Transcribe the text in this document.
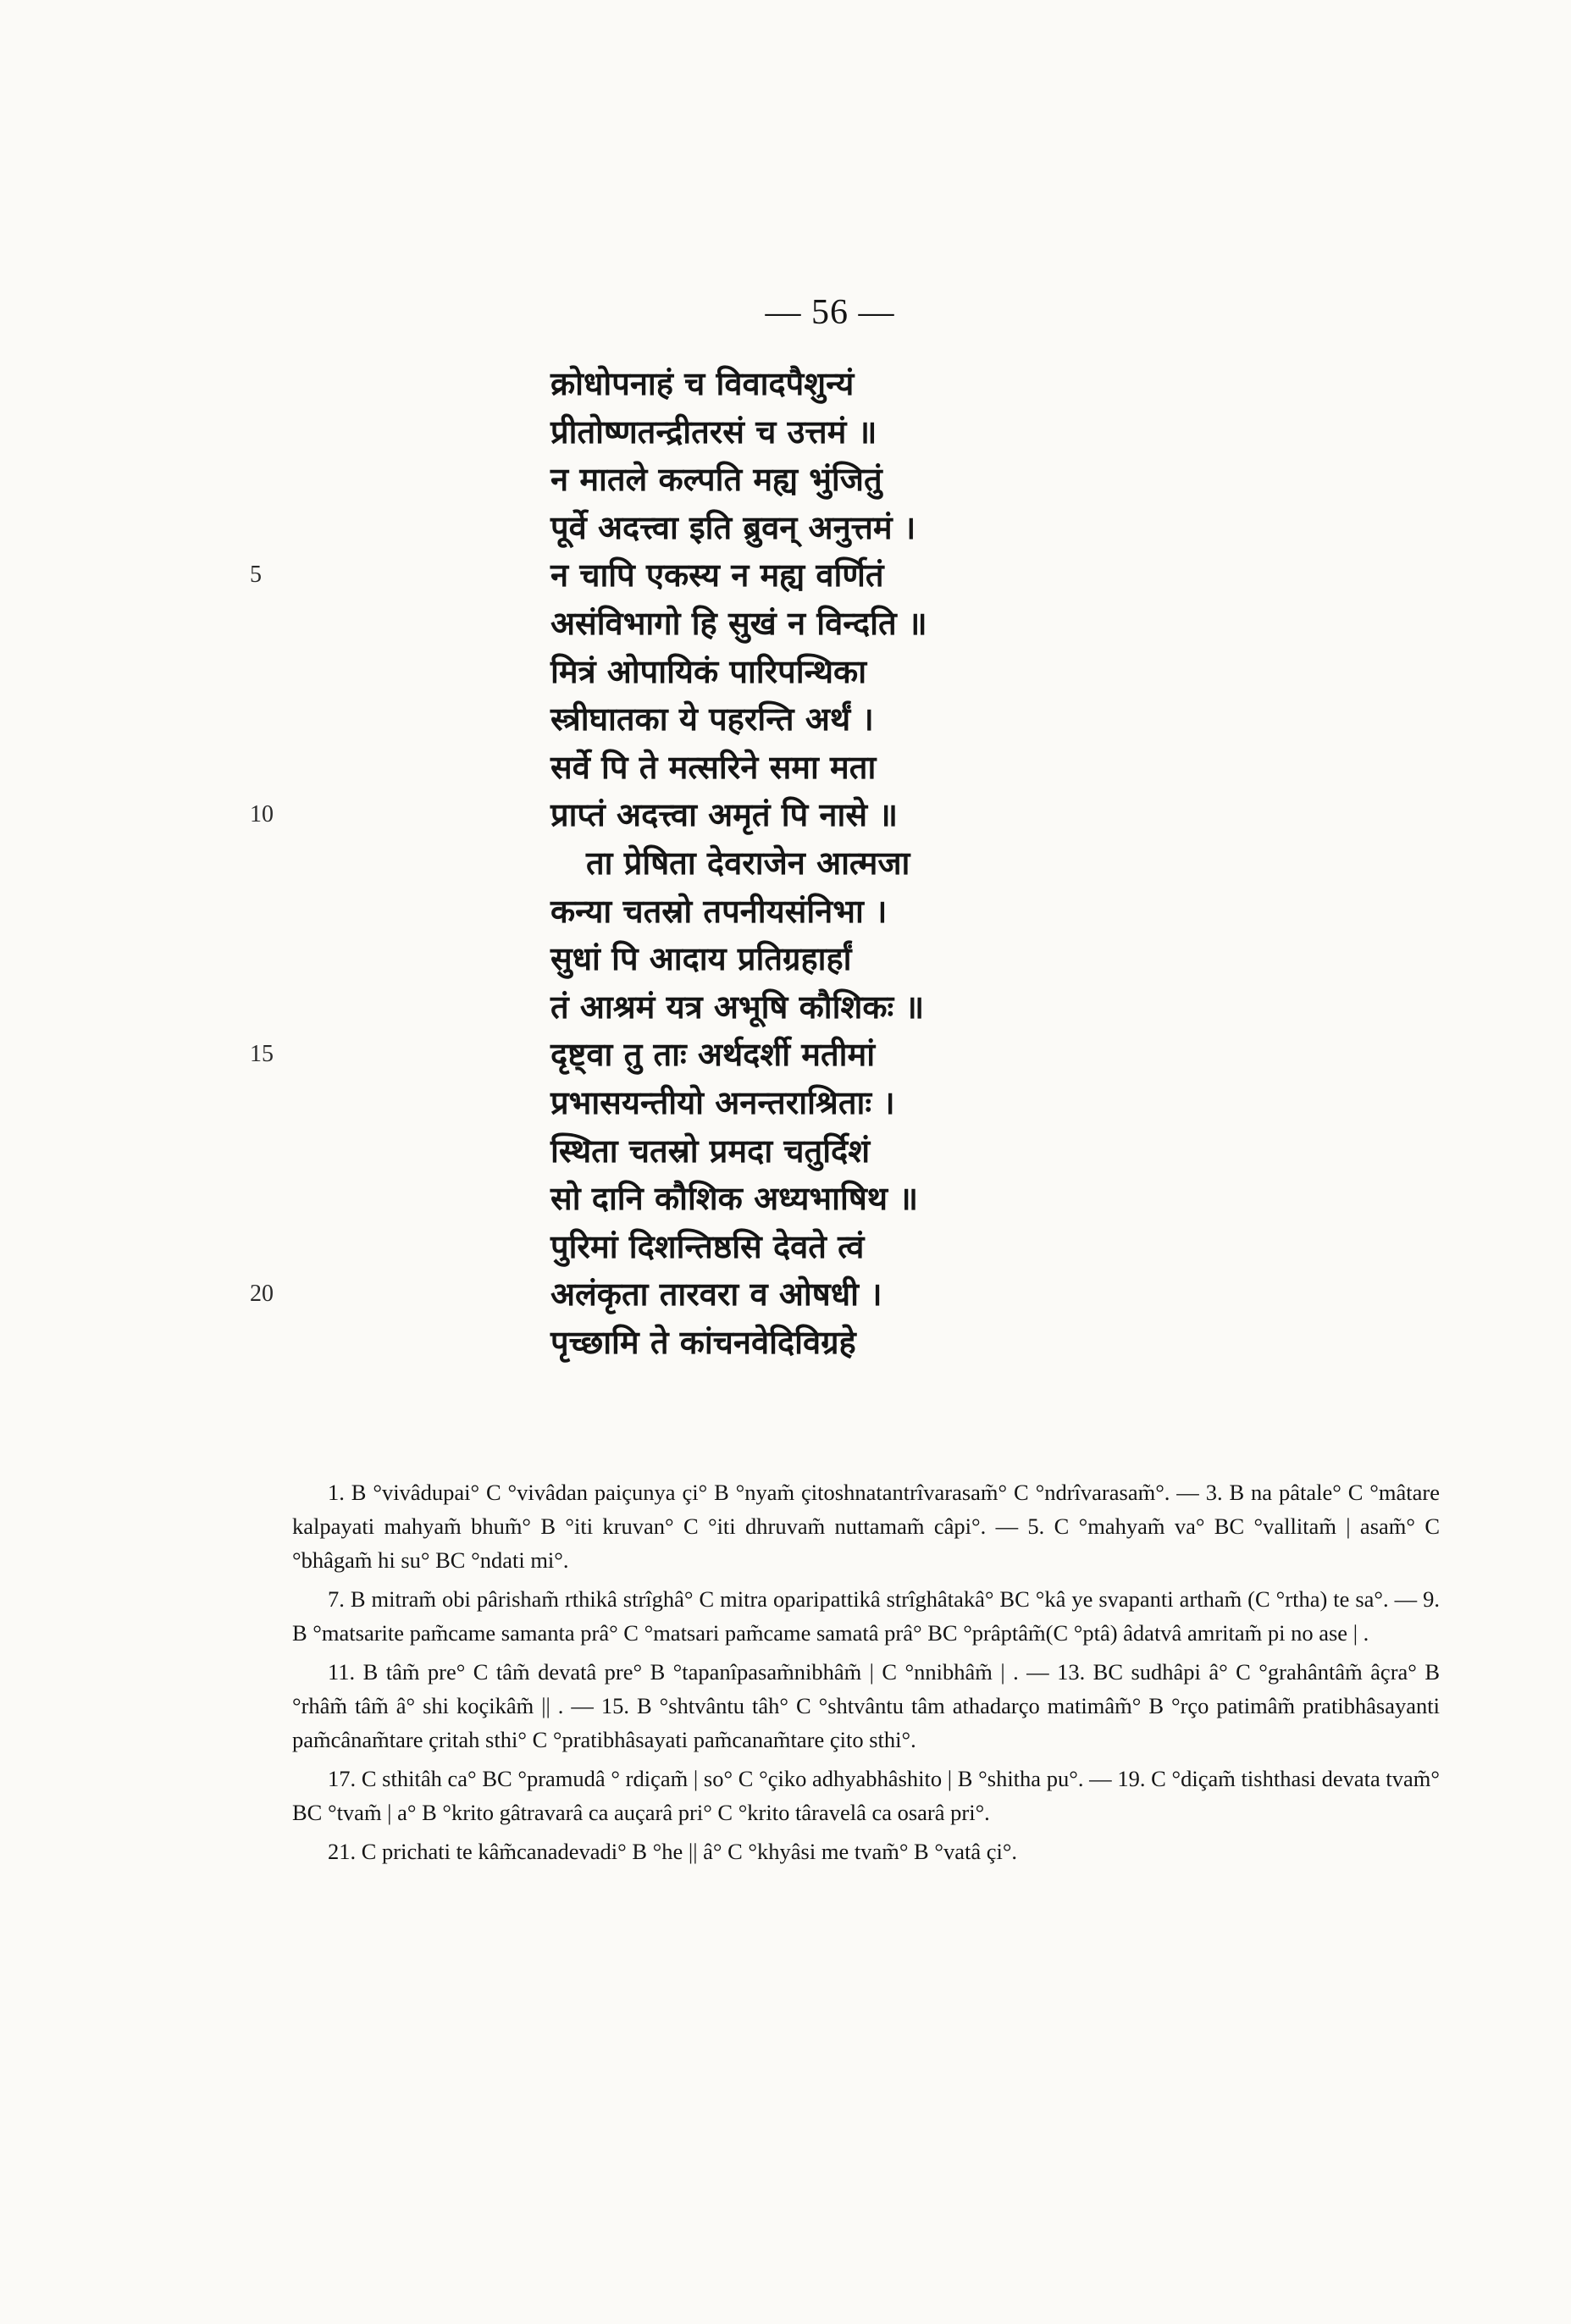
— 56 —
क्रोधोपनाहं च विवादपैशुन्यं
प्रीतोष्णतन्द्रीतरसं च उत्तमं ॥
न मातले कल्पति मह्य भुंजितुं
पूर्वे अदत्त्वा इति ब्रुवन् अनुत्तमं ।
न चापि एकस्य न मह्य वर्णितं
असंविभागो हि सुखं न विन्दति ॥
मित्रं ओपायिकं पारिपन्थिका
स्त्रीघातका ये पहरन्ति अर्थं ।
सर्वे पि ते मत्सरिने समा मता
प्राप्तं अदत्त्वा अमृतं पि नासे ॥
ता प्रेषिता देवराजेन आत्मजा
कन्या चतस्रो तपनीयसंनिभा ।
सुधां पि आदाय प्रतिग्रहार्हां
तं आश्रमं यत्र अभूषि कौशिकः ॥
दृष्ट्वा तु ताः अर्थदर्शी मतीमां
प्रभासयन्तीयो अनन्तराश्रिताः ।
स्थिता चतस्रो प्रमदा चतुर्दिशं
सो दानि कौशिक अध्यभाषिथ ॥
पुरिमां दिशन्तिष्ठसि देवते त्वं
अलंकृता तारवरा व ओषधी ।
पृच्छामि ते कांचनवेदिविग्रहे
5
10
15
20

1. B °vivâdupai° C °vivâdan paiçunya çi° B °nyam̃ çitoshnatantrîvarasam̃° C °ndrîvarasam̃°. — 3. B na pâtale° C °mâtare kalpayati mahyam̃ bhum̃° B °iti kruvan° C °iti dhruvam̃ nuttamam̃ câpi°. — 5. C °mahyam̃ va° BC °vallitam̃ | asam̃° C °bhâgam̃ hi su° BC °ndati mi°.

7. B mitram̃ obi pârisham̃ rthikâ strîghâ° C mitra oparipattikâ strîghâtakâ° BC °kâ ye svapanti artham̃ (C °rtha) te sa°. — 9. B °matsarite pam̃came samanta prâ° C °matsari pam̃came samatâ prâ° BC °prâptâm̃(C °ptâ) âdatvâ amritam̃ pi no ase | .

11. B tâm̃ pre° C tâm̃ devatâ pre° B °tapanîpasam̃nibhâm̃ | C °nnibhâm̃ | . — 13. BC sudhâpi â° C °grahântâm̃ âçra° B °rhâm̃ tâm̃ â° shi koçikâm̃ || . — 15. B °shtvântu tâh° C °shtvântu tâm athadarço matimâm̃° B °rço patimâm̃ pratibhâsayanti pam̃cânam̃tare çritah sthi° C °pratibhâsayati pam̃canam̃tare çito sthi°.

17. C sthitâh ca° BC °pramudâ ° rdiçam̃ | so° C °çiko adhyabhâshito | B °shitha pu°. — 19. C °diçam̃ tishthasi devata tvam̃° BC °tvam̃ | a° B °krito gâtravarâ ca auçarâ pri° C °krito târavelâ ca osarâ pri°.

21. C prichati te kâm̃canadevadi° B °he || â° C °khyâsi me tvam̃° B °vatâ çi°.
